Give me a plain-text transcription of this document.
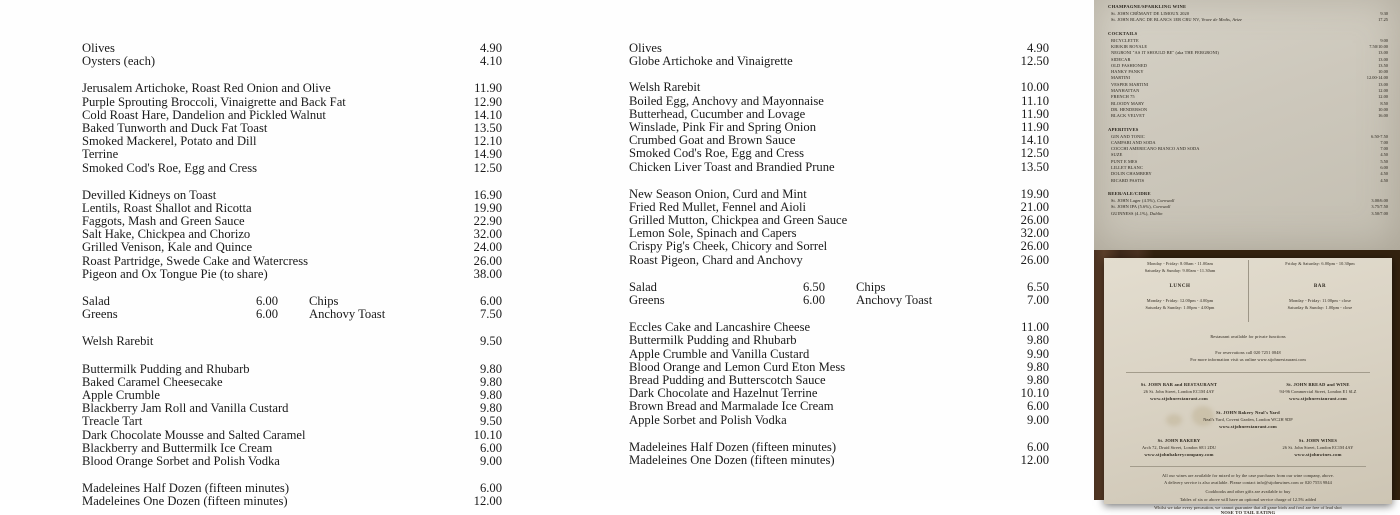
Olives	4.90
Oysters (each)	4.10
Jerusalem Artichoke, Roast Red Onion and Olive	11.90
Purple Sprouting Broccoli, Vinaigrette and Back Fat	12.90
Cold Roast Hare, Dandelion and Pickled Walnut	14.10
Baked Tunworth and Duck Fat Toast	13.50
Smoked Mackerel, Potato and Dill	12.10
Terrine	14.90
Smoked Cod's Roe, Egg and Cress	12.50
Devilled Kidneys on Toast	16.90
Lentils, Roast Shallot and Ricotta	19.90
Faggots, Mash and Green Sauce	22.90
Salt Hake, Chickpea and Chorizo	32.00
Grilled Venison, Kale and Quince	24.00
Roast Partridge, Swede Cake and Watercress	26.00
Pigeon and Ox Tongue Pie (to share)	38.00
Salad	6.00	Chips	6.00
Greens	6.00	Anchovy Toast	7.50
Welsh Rarebit	9.50
Buttermilk Pudding and Rhubarb	9.80
Baked Caramel Cheesecake	9.80
Apple Crumble	9.80
Blackberry Jam Roll and Vanilla Custard	9.80
Treacle Tart	9.50
Dark Chocolate Mousse and Salted Caramel	10.10
Blackberry and Buttermilk Ice Cream	6.00
Blood Orange Sorbet and Polish Vodka	9.00
Madeleines Half Dozen (fifteen minutes)	6.00
Madeleines One Dozen (fifteen minutes)	12.00
Olives	4.90
Globe Artichoke and Vinaigrette	12.50
Welsh Rarebit	10.00
Boiled Egg, Anchovy and Mayonnaise	11.10
Butterhead, Cucumber and Lovage	11.90
Winslade, Pink Fir and Spring Onion	11.90
Crumbed Goat and Brown Sauce	14.10
Smoked Cod's Roe, Egg and Cress	12.50
Chicken Liver Toast and Brandied Prune	13.50
New Season Onion, Curd and Mint	19.90
Fried Red Mullet, Fennel and Aioli	21.00
Grilled Mutton, Chickpea and Green Sauce	26.00
Lemon Sole, Spinach and Capers	32.00
Crispy Pig's Cheek, Chicory and Sorrel	26.00
Roast Pigeon, Chard and Anchovy	26.00
Salad	6.50	Chips	6.50
Greens	6.00	Anchovy Toast	7.00
Eccles Cake and Lancashire Cheese	11.00
Buttermilk Pudding and Rhubarb	9.80
Apple Crumble and Vanilla Custard	9.90
Blood Orange and Lemon Curd Eton Mess	9.80
Bread Pudding and Butterscotch Sauce	9.80
Dark Chocolate and Hazelnut Terrine	10.10
Brown Bread and Marmalade Ice Cream	6.00
Apple Sorbet and Polish Vodka	9.00
Madeleines Half Dozen (fifteen minutes)	6.00
Madeleines One Dozen (fifteen minutes)	12.00
CHAMPAGNE/SPARKLING WINE
St. JOHN CRÉMANT DE LIMOUX 2020	9.30
St. JOHN BLANC DE BLANCS 1ER CRU NV, Veuve de Medts, Avize	17.25
COCKTAILS
BICYCLETTE	9.00
KIR/KIR ROYALE	7.50/10.00
NEGRONI "AS IT SHOULD BE" (aka THE FERGRONI)	13.00
SIDECAR	13.00
OLD FASHIONED	13.50
HANKY PANKY	10.00
MARTINI	12.00-14.00
VESPER MARTINI	13.00
MANHATTAN	12.00
FRENCH 75	12.00
BLOODY MARY	8.50
DR. HENDERSON	10.00
BLACK VELVET	16.00
APERITIVES
GIN AND TONIC	6.50-7.50
CAMPARI AND SODA	7.00
COCCHI AMERICANO BIANCO AND SODA	7.00
SUZE	4.50
PUNT E MES	5.50
LILLET BLANC	6.00
DOLIN CHAMBERY	4.50
RICARD PASTIS	4.50
BEER/ALE/CIDRE
St. JOHN Lager (4.5%), Cornwall	3.00/6.00
St. JOHN IPA (5.6%), Cornwall	3.75/7.50
GUINNESS (4.1%), Dublin	3.50/7.00
Monday - Friday: 8.00am - 11.00am
Saturday & Sunday: 9.00am - 11.30am
Friday & Saturday: 6.00pm - 10.30pm
LUNCH
Monday - Friday: 12.00pm - 4.00pm
Saturday & Sunday: 1.00pm - 4.00pm
BAR
Monday - Friday: 11.00pm - close
Saturday & Sunday: 1.00pm - close
Restaurant available for private functions
For reservations call 020 7251 0848
For more information visit us online www.stjohnrestaurant.com
St. JOHN BAR and RESTAURANT
26 St. John Street, London EC1M 4AY
www.stjohnrestaurant.com
St. JOHN BREAD and WINE
94-96 Commercial Street, London E1 6LZ
www.stjohnrestaurant.com
St. JOHN Bakery Neal's Yard
Neal's Yard, Covent Garden, London WC2H 9DP
www.stjohnrestaurant.com
St. JOHN BAKERY
Arch 72, Druid Street, London SE1 2DU
www.stjohnbakerycompany.com
St. JOHN WINES
26 St. John Street, London EC1M 4AY
www.stjohnwines.com
All our wines are available for mixed or by the case purchases from our wine company, above.
A delivery service is also available. Please contact info@stjohnwines.com or 020 7553 9844
Cookbooks and other gifts are available to buy
Tables of six or above will have an optional service charge of 12.5% added
NOSE TO TAIL EATING
Whilst we take every precaution, we cannot guarantee that all game birds and fowl are free of lead shot
